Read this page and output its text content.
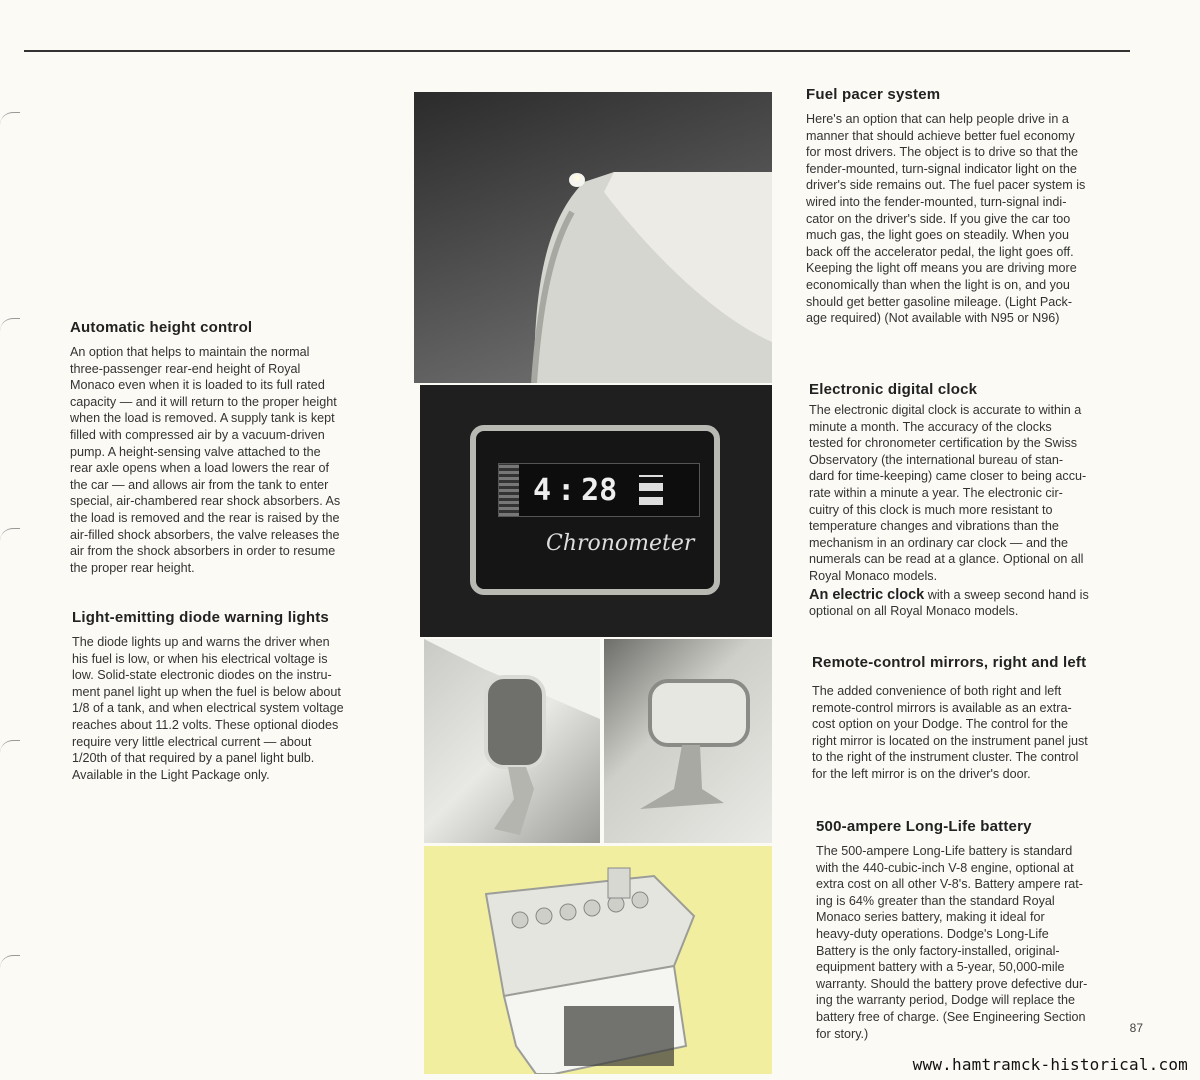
Automatic height control

An option that helps to maintain the normal
three-passenger rear-end height of Royal
Monaco even when it is loaded to its full rated
capacity — and it will return to the proper height
when the load is removed. A supply tank is kept
filled with compressed air by a vacuum-driven
pump. A height-sensing valve attached to the
rear axle opens when a load lowers the rear of
the car — and allows air from the tank to enter
special, air-chambered rear shock absorbers. As
the load is removed and the rear is raised by the
air-filled shock absorbers, the valve releases the
air from the shock absorbers in order to resume
the proper rear height.

Light-emitting diode warning lights

The diode lights up and warns the driver when
his fuel is low, or when his electrical voltage is
low. Solid-state electronic diodes on the instru-
ment panel light up when the fuel is below about
1/8 of a tank, and when electrical system voltage
reaches about 11.2 volts. These optional diodes
require very little electrical current — about
1/20th of that required by a panel light bulb.
Available in the Light Package only.

4 : 28
Chronometer
Fuel pacer system

Here's an option that can help people drive in a
manner that should achieve better fuel economy
for most drivers. The object is to drive so that the
fender-mounted, turn-signal indicator light on the
driver's side remains out. The fuel pacer system is
wired into the fender-mounted, turn-signal indi-
cator on the driver's side. If you give the car too
much gas, the light goes on steadily. When you
back off the accelerator pedal, the light goes off.
Keeping the light off means you are driving more
economically than when the light is on, and you
should get better gasoline mileage. (Light Pack-
age required) (Not available with N95 or N96)

Electronic digital clock

The electronic digital clock is accurate to within a
minute a month. The accuracy of the clocks
tested for chronometer certification by the Swiss
Observatory (the international bureau of stan-
dard for time-keeping) came closer to being accu-
rate within a minute a year. The electronic cir-
cuitry of this clock is much more resistant to
temperature changes and vibrations than the
mechanism in an ordinary car clock — and the
numerals can be read at a glance. Optional on all
Royal Monaco models.

An electric clock with a sweep second hand is
optional on all Royal Monaco models.

Remote-control mirrors, right and left

The added convenience of both right and left
remote-control mirrors is available as an extra-
cost option on your Dodge. The control for the
right mirror is located on the instrument panel just
to the right of the instrument cluster. The control
for the left mirror is on the driver's door.

500-ampere Long-Life battery

The 500-ampere Long-Life battery is standard
with the 440-cubic-inch V-8 engine, optional at
extra cost on all other V-8's. Battery ampere rat-
ing is 64% greater than the standard Royal
Monaco series battery, making it ideal for
heavy-duty operations. Dodge's Long-Life
Battery is the only factory-installed, original-
equipment battery with a 5-year, 50,000-mile
warranty. Should the battery prove defective dur-
ing the warranty period, Dodge will replace the
battery free of charge. (See Engineering Section
for story.)	87
www.hamtramck-historical.com
